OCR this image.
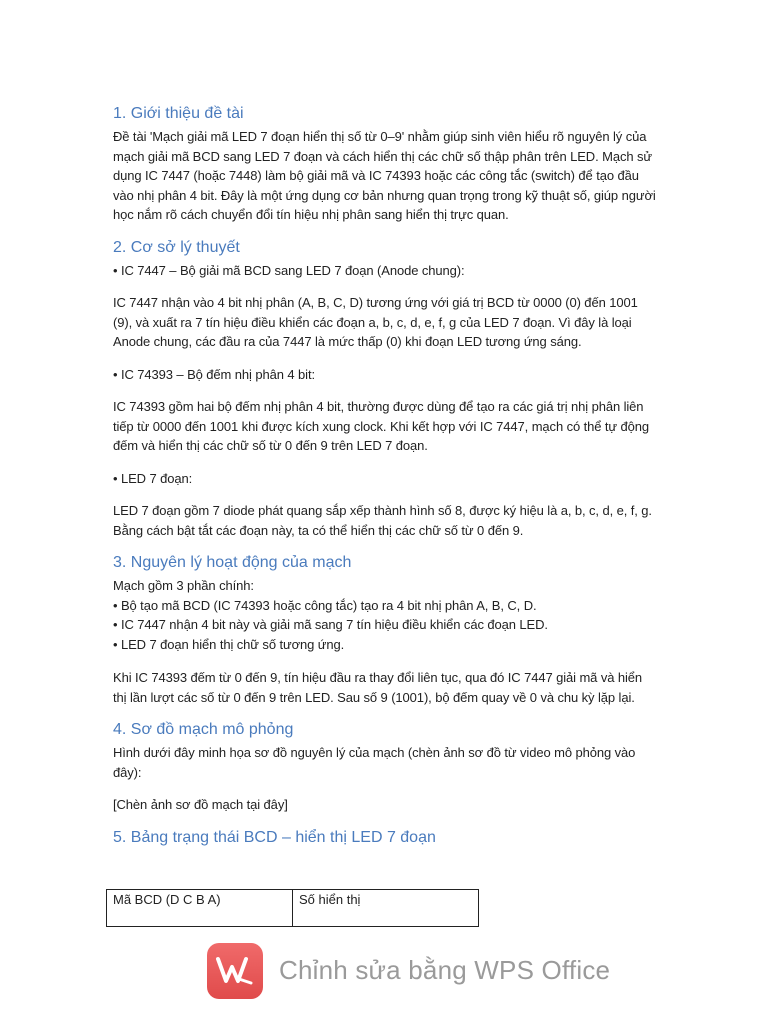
1. Giới thiệu đề tài

Đề tài 'Mạch giải mã LED 7 đoạn hiển thị số từ 0–9' nhằm giúp sinh viên hiểu rõ nguyên lý của mạch giải mã BCD sang LED 7 đoạn và cách hiển thị các chữ số thập phân trên LED. Mạch sử dụng IC 7447 (hoặc 7448) làm bộ giải mã và IC 74393 hoặc các công tắc (switch) để tạo đầu vào nhị phân 4 bit. Đây là một ứng dụng cơ bản nhưng quan trọng trong kỹ thuật số, giúp người học nắm rõ cách chuyển đổi tín hiệu nhị phân sang hiển thị trực quan.

2. Cơ sở lý thuyết

• IC 7447 – Bộ giải mã BCD sang LED 7 đoạn (Anode chung):

IC 7447 nhận vào 4 bit nhị phân (A, B, C, D) tương ứng với giá trị BCD từ 0000 (0) đến 1001 (9), và xuất ra 7 tín hiệu điều khiển các đoạn a, b, c, d, e, f, g của LED 7 đoạn. Vì đây là loại Anode chung, các đầu ra của 7447 là mức thấp (0) khi đoạn LED tương ứng sáng.

• IC 74393 – Bộ đếm nhị phân 4 bit:

IC 74393 gồm hai bộ đếm nhị phân 4 bit, thường được dùng để tạo ra các giá trị nhị phân liên tiếp từ 0000 đến 1001 khi được kích xung clock. Khi kết hợp với IC 7447, mạch có thể tự động đếm và hiển thị các chữ số từ 0 đến 9 trên LED 7 đoạn.

• LED 7 đoạn:

LED 7 đoạn gồm 7 diode phát quang sắp xếp thành hình số 8, được ký hiệu là a, b, c, d, e, f, g. Bằng cách bật tắt các đoạn này, ta có thể hiển thị các chữ số từ 0 đến 9.

3. Nguyên lý hoạt động của mạch

Mạch gồm 3 phần chính:

• Bộ tạo mã BCD (IC 74393 hoặc công tắc) tạo ra 4 bit nhị phân A, B, C, D.

• IC 7447 nhận 4 bit này và giải mã sang 7 tín hiệu điều khiển các đoạn LED.

• LED 7 đoạn hiển thị chữ số tương ứng.

Khi IC 74393 đếm từ 0 đến 9, tín hiệu đầu ra thay đổi liên tục, qua đó IC 7447 giải mã và hiển thị lần lượt các số từ 0 đến 9 trên LED. Sau số 9 (1001), bộ đếm quay về 0 và chu kỳ lặp lại.

4. Sơ đồ mạch mô phỏng

Hình dưới đây minh họa sơ đồ nguyên lý của mạch (chèn ảnh sơ đồ từ video mô phỏng vào đây):

[Chèn ảnh sơ đồ mạch tại đây]

5. Bảng trạng thái BCD – hiển thị LED 7 đoạn
Mã BCD (D C B A)	Số hiển thị
Chỉnh sửa bằng WPS Office
